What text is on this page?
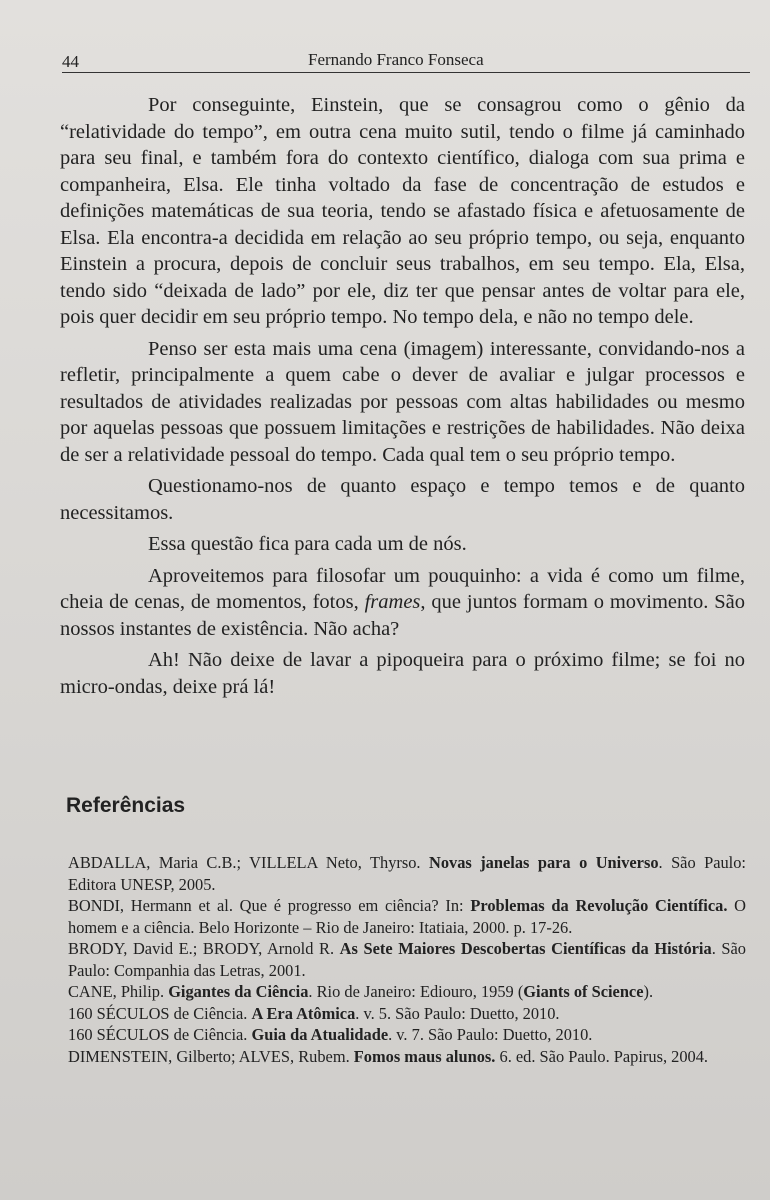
44	Fernando Franco Fonseca

Por conseguinte, Einstein, que se consagrou como o gênio da “relatividade do tempo”, em outra cena muito sutil, tendo o filme já caminhado para seu final, e também fora do contexto científico, dialoga com sua prima e companheira, Elsa. Ele tinha voltado da fase de concentração de estudos e definições matemáticas de sua teoria, tendo se afastado física e afetuosamente de Elsa. Ela encontra-a decidida em relação ao seu próprio tempo, ou seja, enquanto Einstein a procura, depois de concluir seus trabalhos, em seu tempo. Ela, Elsa, tendo sido “deixada de lado” por ele, diz ter que pensar antes de voltar para ele, pois quer decidir em seu próprio tempo. No tempo dela, e não no tempo dele.

Penso ser esta mais uma cena (imagem) interessante, convidando-nos a refletir, principalmente a quem cabe o dever de avaliar e julgar processos e resultados de atividades realizadas por pessoas com altas habilidades ou mesmo por aquelas pessoas que possuem limitações e restrições de habilidades. Não deixa de ser a relatividade pessoal do tempo. Cada qual tem o seu próprio tempo.

Questionamo-nos de quanto espaço e tempo temos e de quanto necessitamos.

Essa questão fica para cada um de nós.

Aproveitemos para filosofar um pouquinho: a vida é como um filme, cheia de cenas, de momentos, fotos, frames, que juntos formam o movimento. São nossos instantes de existência. Não acha?

Ah! Não deixe de lavar a pipoqueira para o próximo filme; se foi no micro-ondas, deixe prá lá!

Referências

ABDALLA, Maria C.B.; VILLELA Neto, Thyrso. Novas janelas para o Universo. São Paulo: Editora UNESP, 2005.

BONDI, Hermann et al. Que é progresso em ciência? In: Problemas da Revolução Científica. O homem e a ciência. Belo Horizonte – Rio de Janeiro: Itatiaia, 2000. p. 17-26.

BRODY, David E.; BRODY, Arnold R. As Sete Maiores Descobertas Científicas da História. São Paulo: Companhia das Letras, 2001.

CANE, Philip. Gigantes da Ciência. Rio de Janeiro: Ediouro, 1959 (Giants of Science).

160 SÉCULOS de Ciência. A Era Atômica. v. 5. São Paulo: Duetto, 2010.

160 SÉCULOS de Ciência. Guia da Atualidade. v. 7. São Paulo: Duetto, 2010.

DIMENSTEIN, Gilberto; ALVES, Rubem. Fomos maus alunos. 6. ed. São Paulo. Papirus, 2004.
